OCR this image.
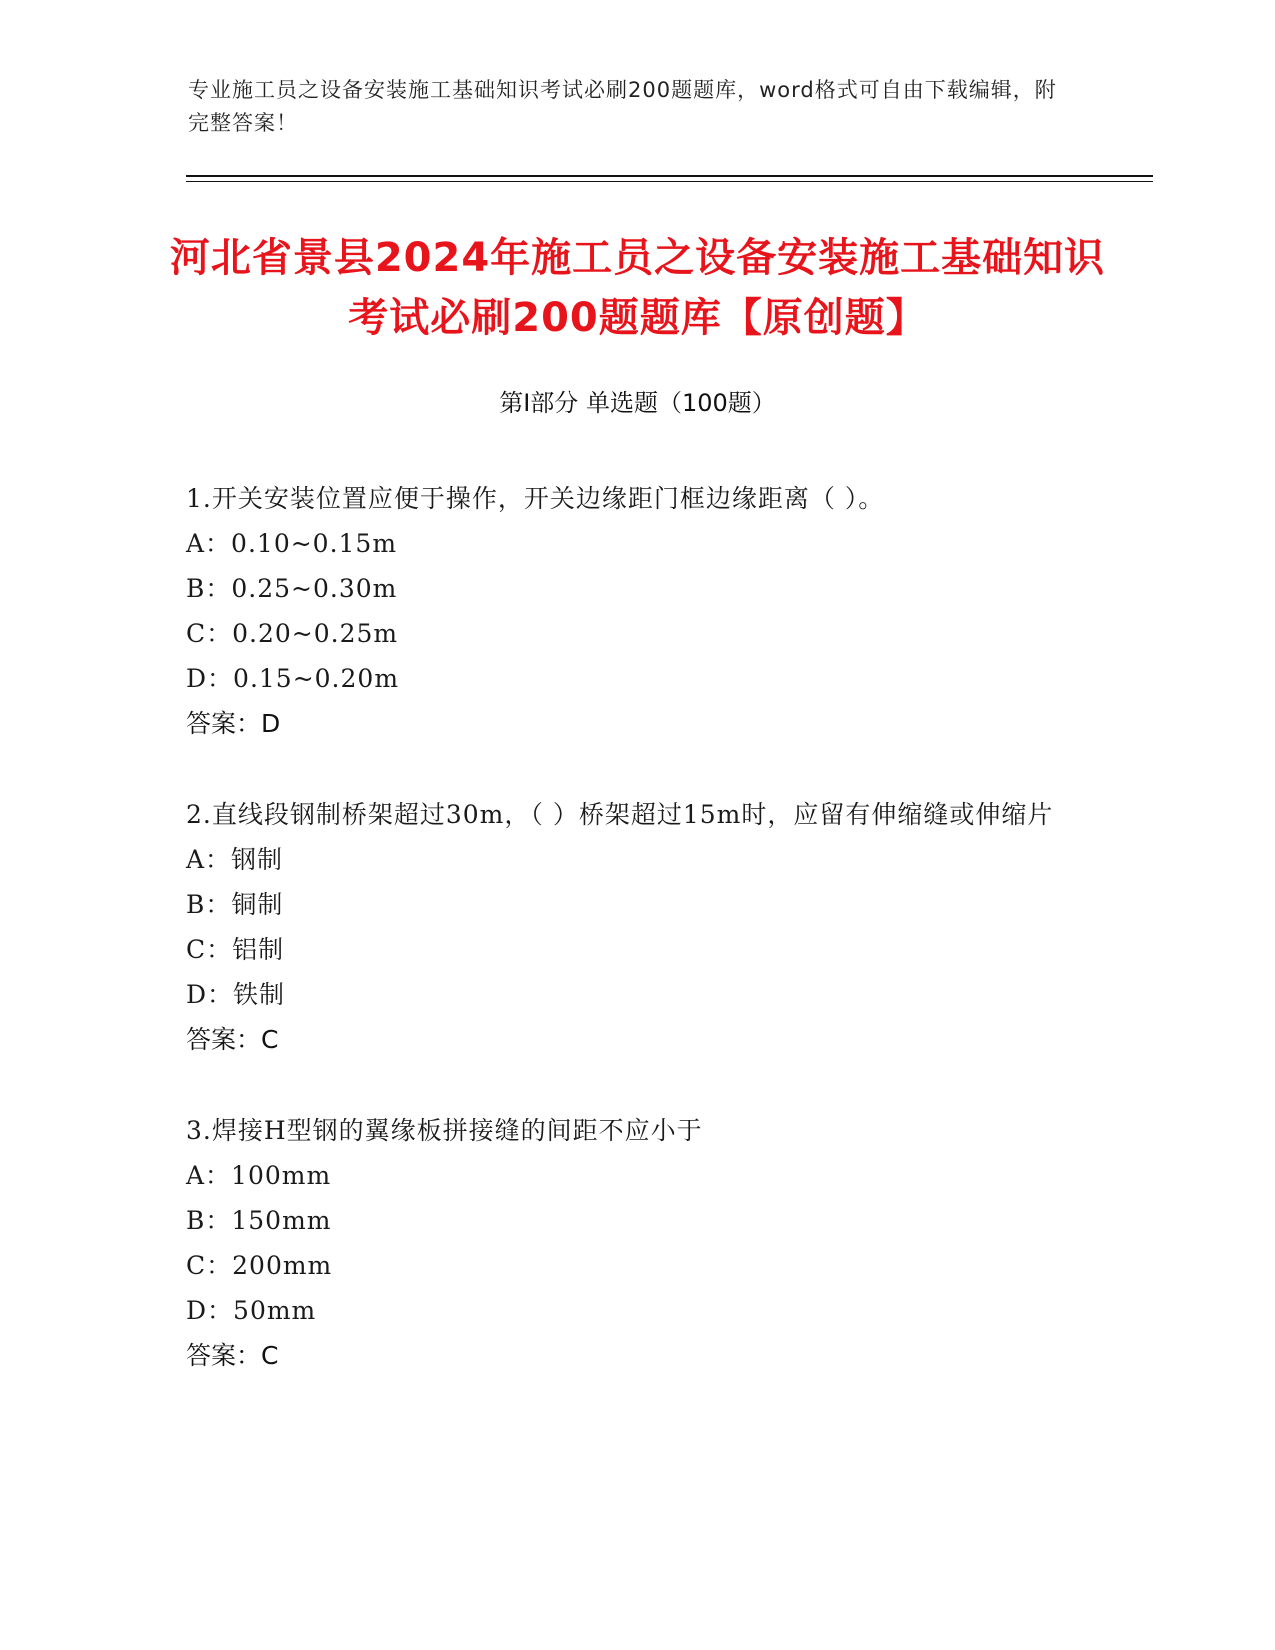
专业施工员之设备安装施工基础知识考试必刷200题题库，word格式可自由下载编辑，附完整答案！
河北省景县2024年施工员之设备安装施工基础知识考试必刷200题题库【原创题】
第Ⅰ部分 单选题（100题）
1.开关安装位置应便于操作，开关边缘距门框边缘距离（ ）。
A：0.10~0.15m
B：0.25~0.30m
C：0.20~0.25m
D：0.15~0.20m
答案：D
2.直线段钢制桥架超过30m，（ ）桥架超过15m时，应留有伸缩缝或伸缩片
A：钢制
B：铜制
C：铝制
D：铁制
答案：C
3.焊接H型钢的翼缘板拼接缝的间距不应小于
A：100mm
B：150mm
C：200mm
D：50mm
答案：C
